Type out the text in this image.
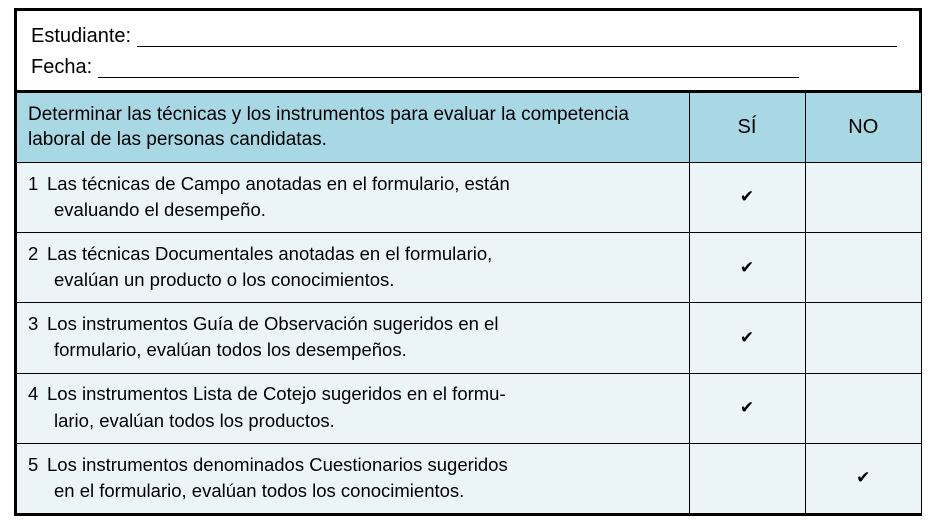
Estudiante:
Fecha:
Determinar las técnicas y los instrumentos para evaluar la competencia laboral de las personas candidatas.	SÍ	NO
1 Las técnicas de Campo anotadas en el formulario, están
evaluando el desempeño.	✔	
2 Las técnicas Documentales anotadas en el formulario,
evalúan un producto o los conocimientos.	✔	
3 Los instrumentos Guía de Observación sugeridos en el
formulario, evalúan todos los desempeños.	✔	
4 Los instrumentos Lista de Cotejo sugeridos en el formu-
lario, evalúan todos los productos.	✔	
5 Los instrumentos denominados Cuestionarios sugeridos
en el formulario, evalúan todos los conocimientos.		✔
